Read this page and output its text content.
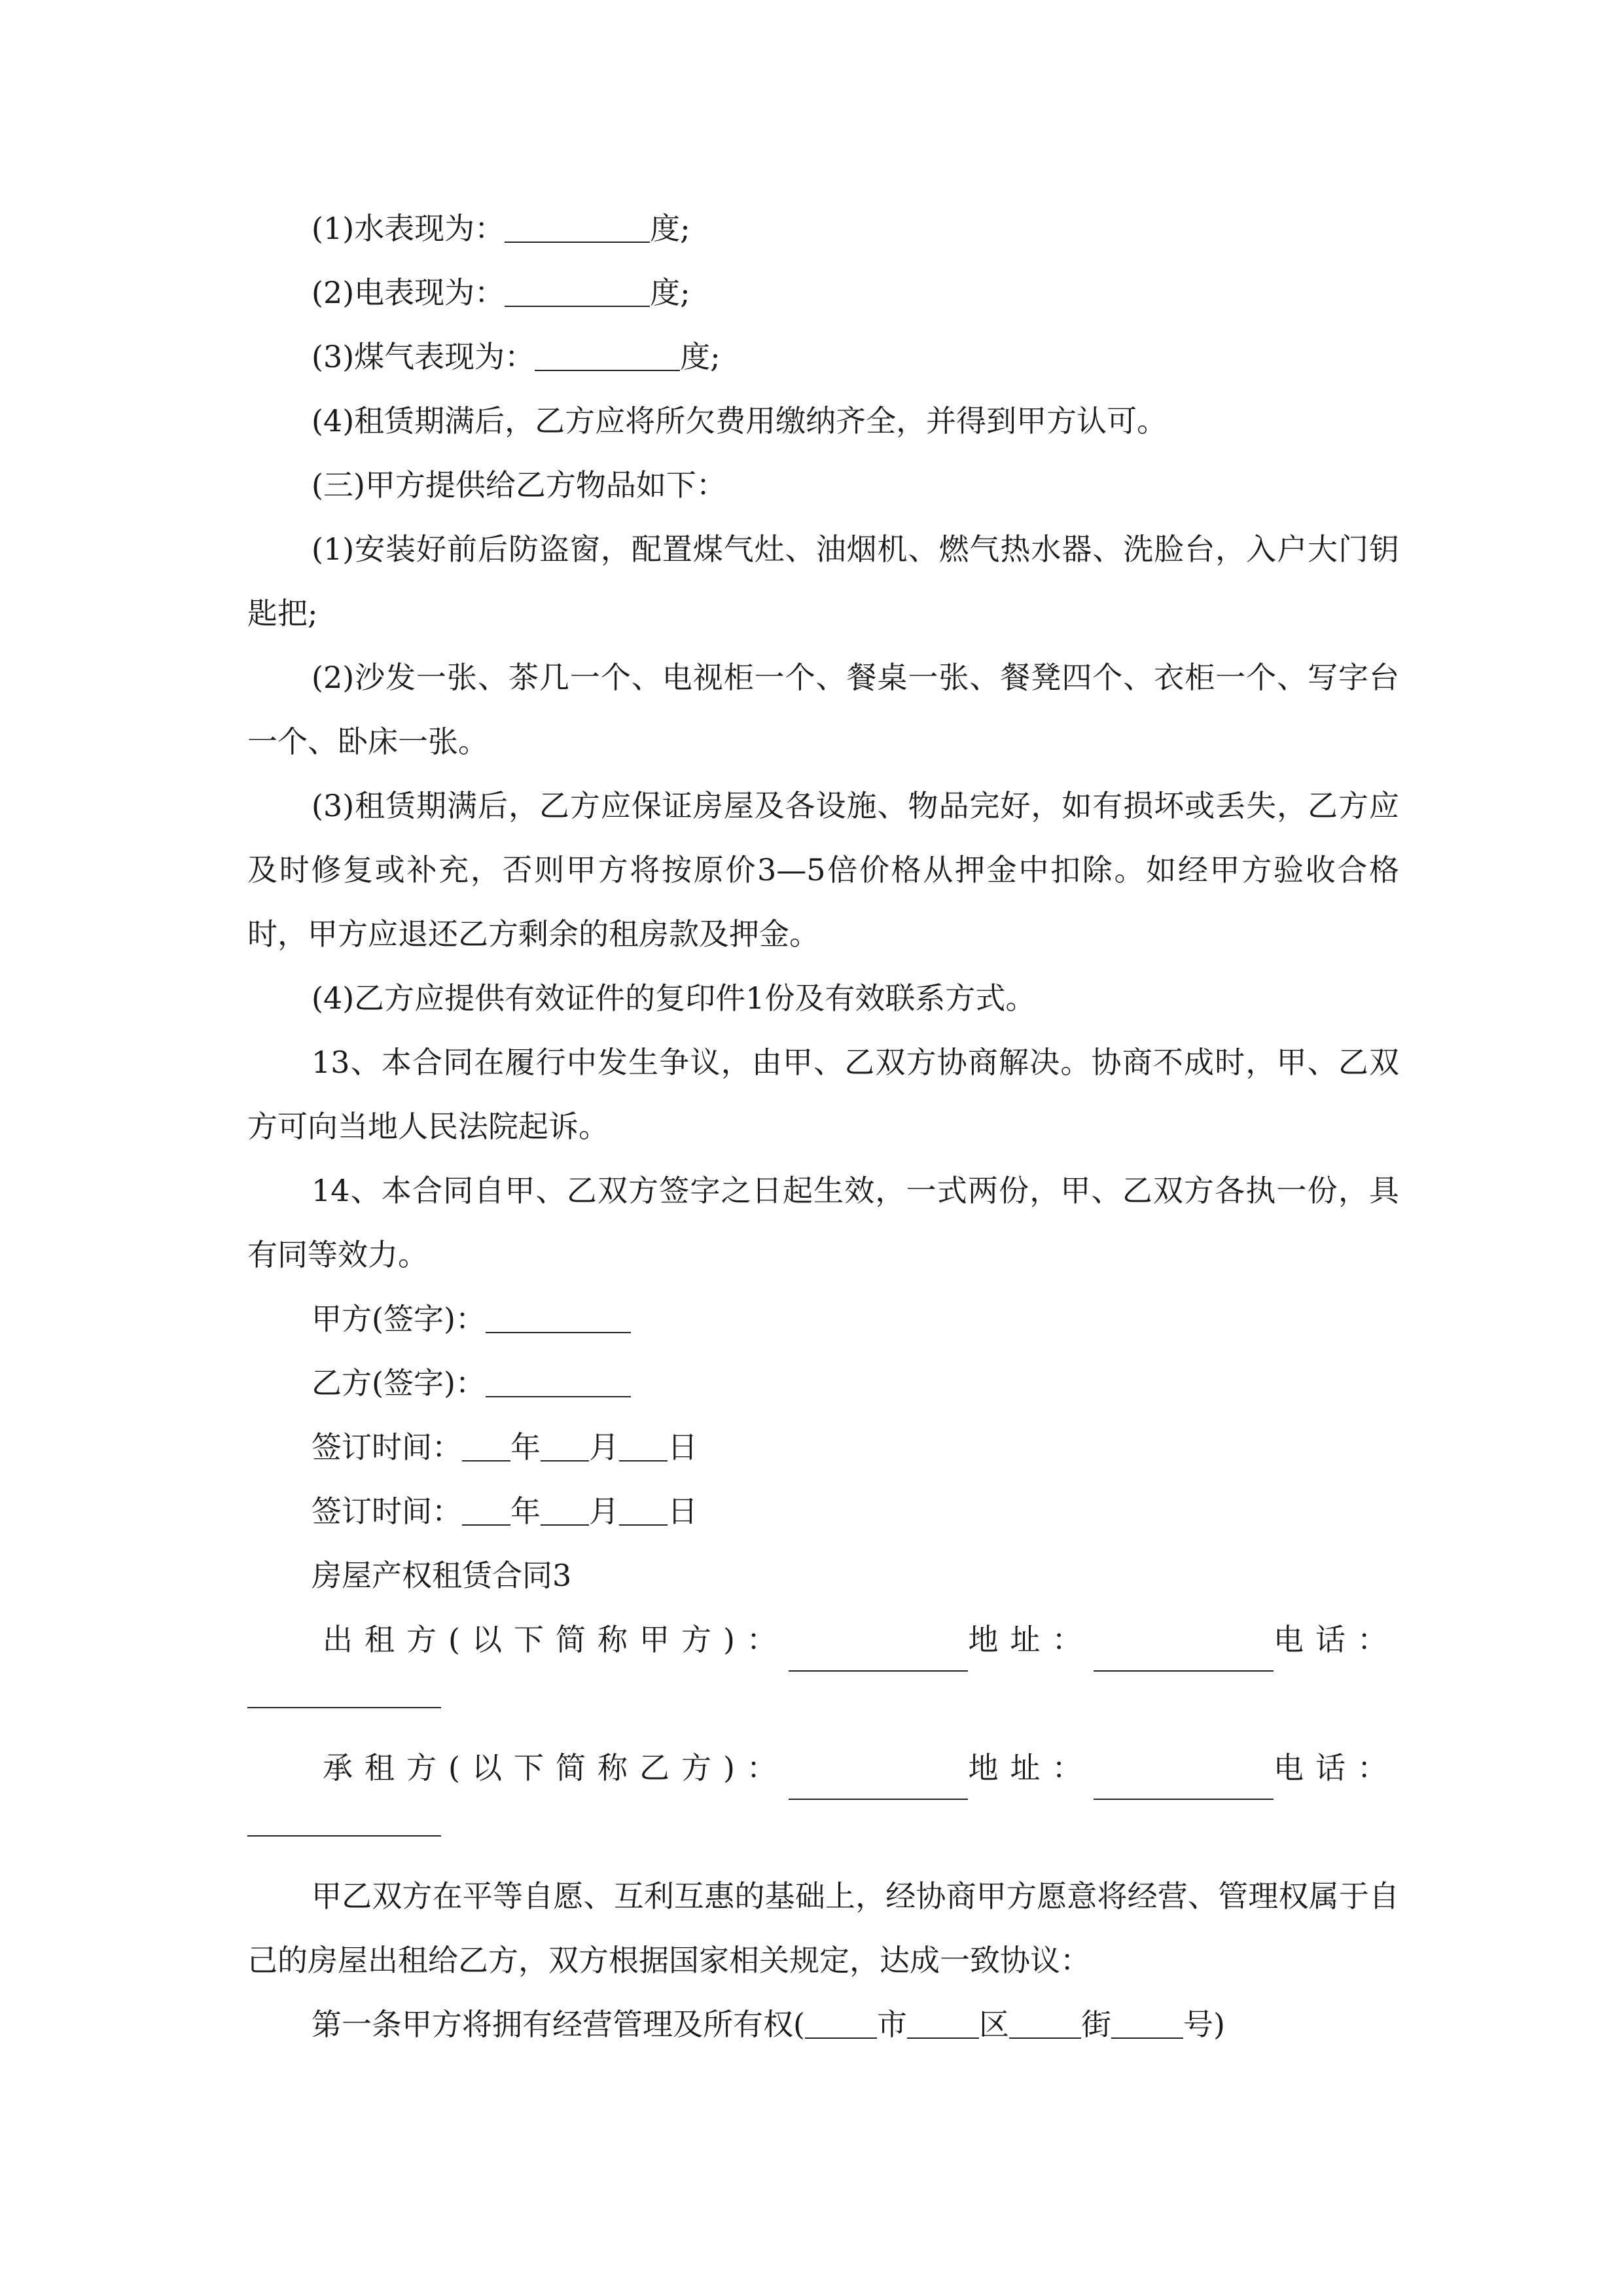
(1)水表现为：	度;

(2)电表现为：	度;

(3)煤气表现为：	度;

(4)租赁期满后，乙方应将所欠费用缴纳齐全，并得到甲方认可。

(三)甲方提供给乙方物品如下：

(1)安装好前后防盗窗，配置煤气灶、油烟机、燃气热水器、洗脸台，入户大门钥匙把;

(2)沙发一张、茶几一个、电视柜一个、餐桌一张、餐凳四个、衣柜一个、写字台一个、卧床一张。

(3)租赁期满后，乙方应保证房屋及各设施、物品完好，如有损坏或丢失，乙方应及时修复或补充，否则甲方将按原价3—5倍价格从押金中扣除。如经甲方验收合格时，甲方应退还乙方剩余的租房款及押金。

(4)乙方应提供有效证件的复印件1份及有效联系方式。

13、本合同在履行中发生争议，由甲、乙双方协商解决。协商不成时，甲、乙双方可向当地人民法院起诉。

14、本合同自甲、乙双方签字之日起生效，一式两份，甲、乙双方各执一份，具有同等效力。

甲方(签字)：

乙方(签字)：

签订时间： 年 月 日

签订时间： 年 月 日

房屋产权租赁合同3

出租方(以下简称甲方)：	地址：	电话：
承租方(以下简称乙方)：	地址：	电话：

甲乙双方在平等自愿、互利互惠的基础上，经协商甲方愿意将经营、管理权属于自己的房屋出租给乙方，双方根据国家相关规定，达成一致协议：

第一条甲方将拥有经营管理及所有权( 市 区 街 号)
